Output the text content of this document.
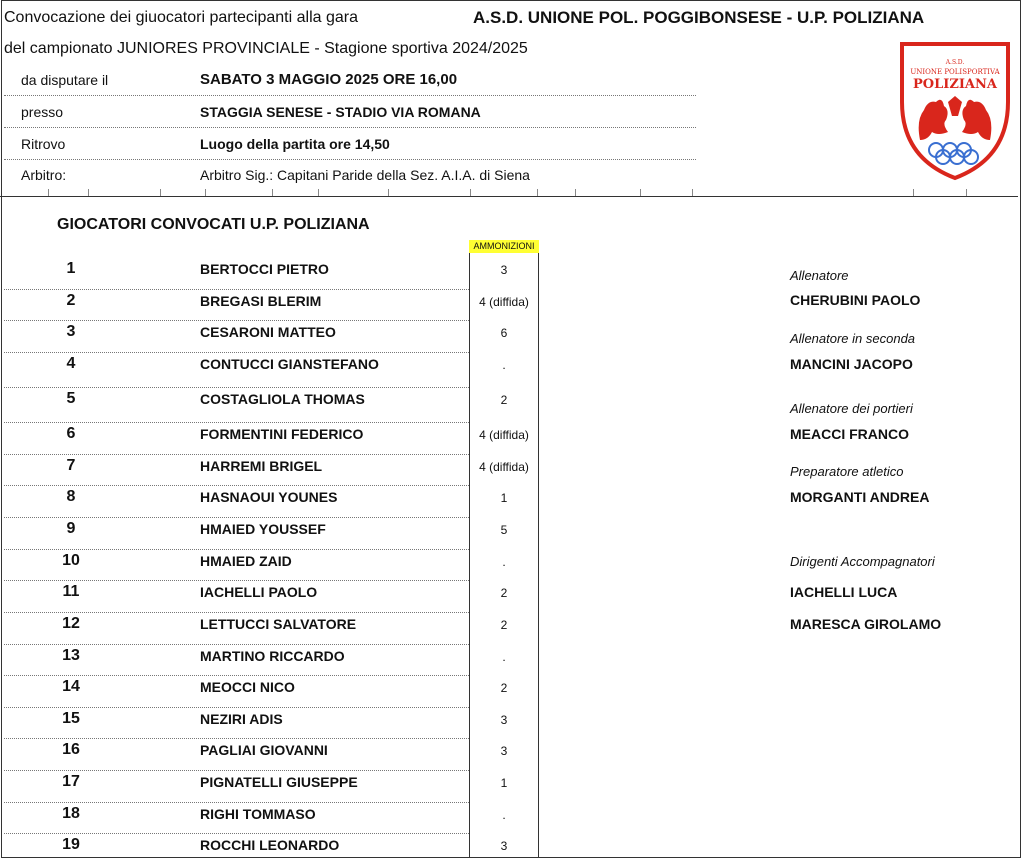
Convocazione dei giuocatori partecipanti alla gara	A.S.D. UNIONE POL. POGGIBONSESE - U.P. POLIZIANA
del campionato JUNIORES PROVINCIALE - Stagione sportiva 2024/2025
da disputare il	SABATO 3 MAGGIO 2025 ORE 16,00
presso	STAGGIA SENESE - STADIO VIA ROMANA
Ritrovo	Luogo della partita ore 14,50
Arbitro:	Arbitro Sig.: Capitani Paride della Sez. A.I.A. di Siena
A.S.D.
UNIONE POLISPORTIVA
POLIZIANA
GIOCATORI CONVOCATI U.P. POLIZIANA
AMMONIZIONI
1	BERTOCCI PIETRO	3
2	BREGASI BLERIM	4 (diffida)
3	CESARONI MATTEO	6
4	CONTUCCI GIANSTEFANO	.
5	COSTAGLIOLA THOMAS	2
6	FORMENTINI FEDERICO	4 (diffida)
7	HARREMI BRIGEL	4 (diffida)
8	HASNAOUI YOUNES	1
9	HMAIED YOUSSEF	5
10	HMAIED ZAID	.
11	IACHELLI PAOLO	2
12	LETTUCCI SALVATORE	2
13	MARTINO RICCARDO	.
14	MEOCCI NICO	2
15	NEZIRI ADIS	3
16	PAGLIAI GIOVANNI	3
17	PIGNATELLI GIUSEPPE	1
18	RIGHI TOMMASO	.
19	ROCCHI LEONARDO	3
Allenatore
CHERUBINI PAOLO
Allenatore in seconda
MANCINI JACOPO
Allenatore dei portieri
MEACCI FRANCO
Preparatore atletico
MORGANTI ANDREA
Dirigenti Accompagnatori
IACHELLI LUCA
MARESCA GIROLAMO
